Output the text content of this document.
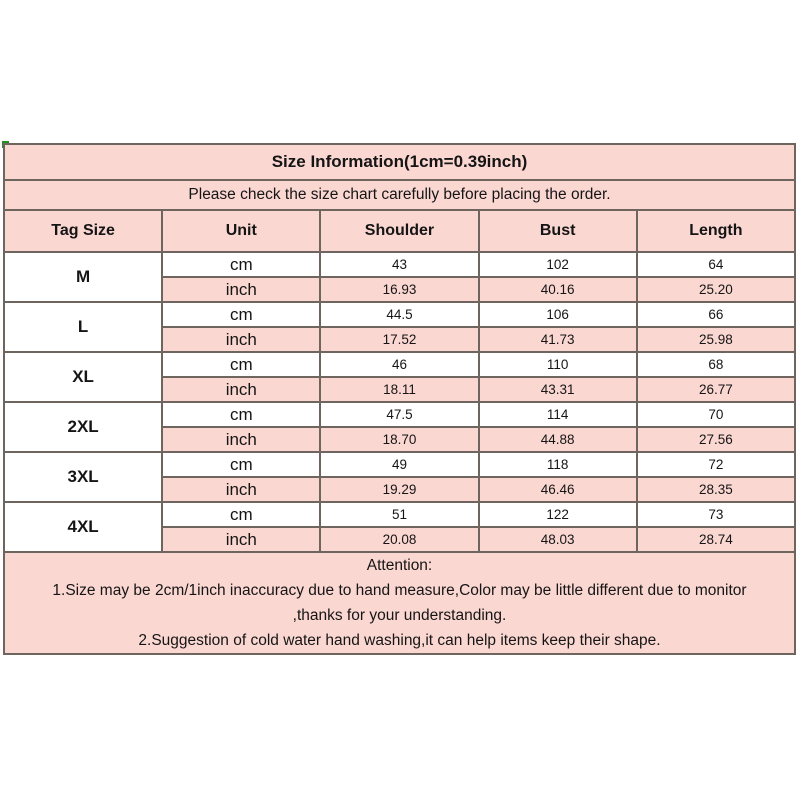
Size Information(1cm=0.39inch)				
Please check the size chart carefully before placing the order.				
Tag Size	Unit	Shoulder	Bust	Length
M	cm	43	102	64
	inch	16.93	40.16	25.20
L	cm	44.5	106	66
	inch	17.52	41.73	25.98
XL	cm	46	110	68
	inch	18.11	43.31	26.77
2XL	cm	47.5	114	70
	inch	18.70	44.88	27.56
3XL	cm	49	118	72
	inch	19.29	46.46	28.35
4XL	cm	51	122	73
	inch	20.08	48.03	28.74

Attention:
1.Size may be 2cm/1inch inaccuracy due to hand measure,Color may be little different due to monitor
,thanks for your understanding.
2.Suggestion of cold water hand washing,it can help items keep their shape.				
